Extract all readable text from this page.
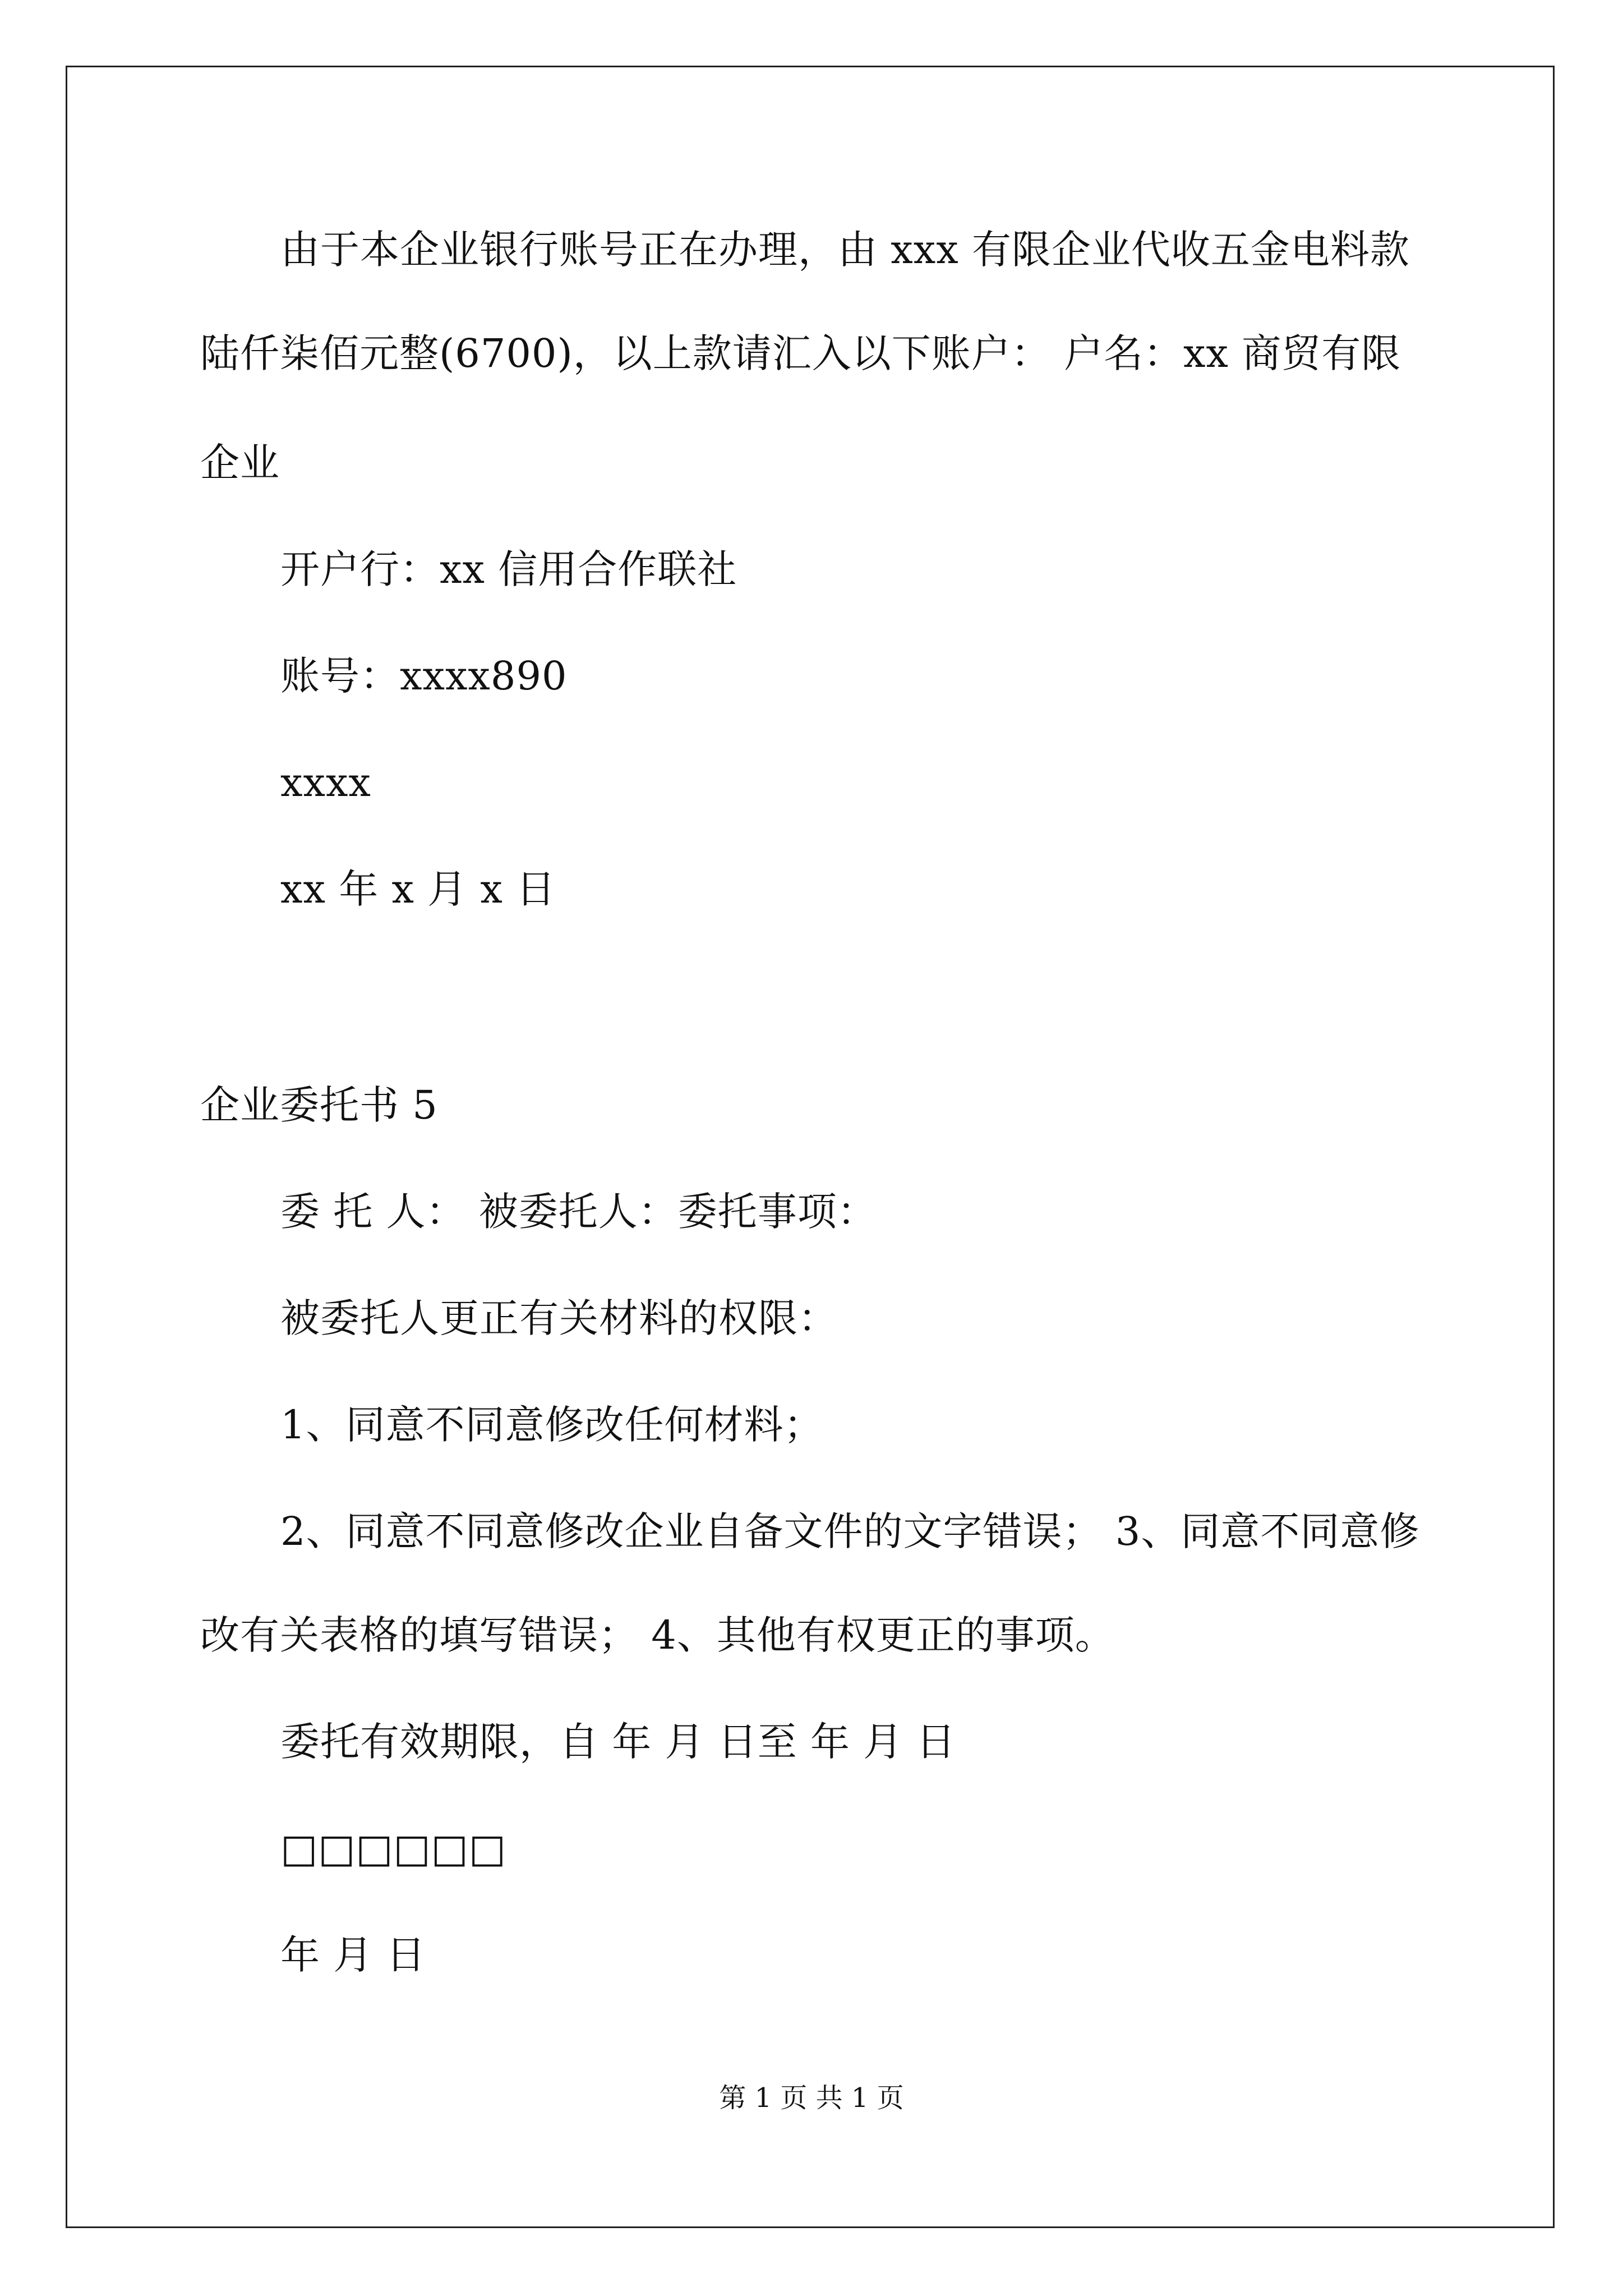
由于本企业银行账号正在办理，由 xxx 有限企业代收五金电料款
陆仟柒佰元整(6700)，以上款请汇入以下账户： 户名：xx 商贸有限
企业
开户行：xx 信用合作联社
账号：xxxx890
xxxx
xx 年 x 月 x 日
企业委托书 5
委 托 人： 被委托人：委托事项：
被委托人更正有关材料的权限：
1、同意不同意修改任何材料；
2、同意不同意修改企业自备文件的文字错误； 3、同意不同意修
改有关表格的填写错误； 4、其他有权更正的事项。
委托有效期限，自 年 月 日至 年 月 日
□□□□□□
年 月 日
第 1 页 共 1 页
